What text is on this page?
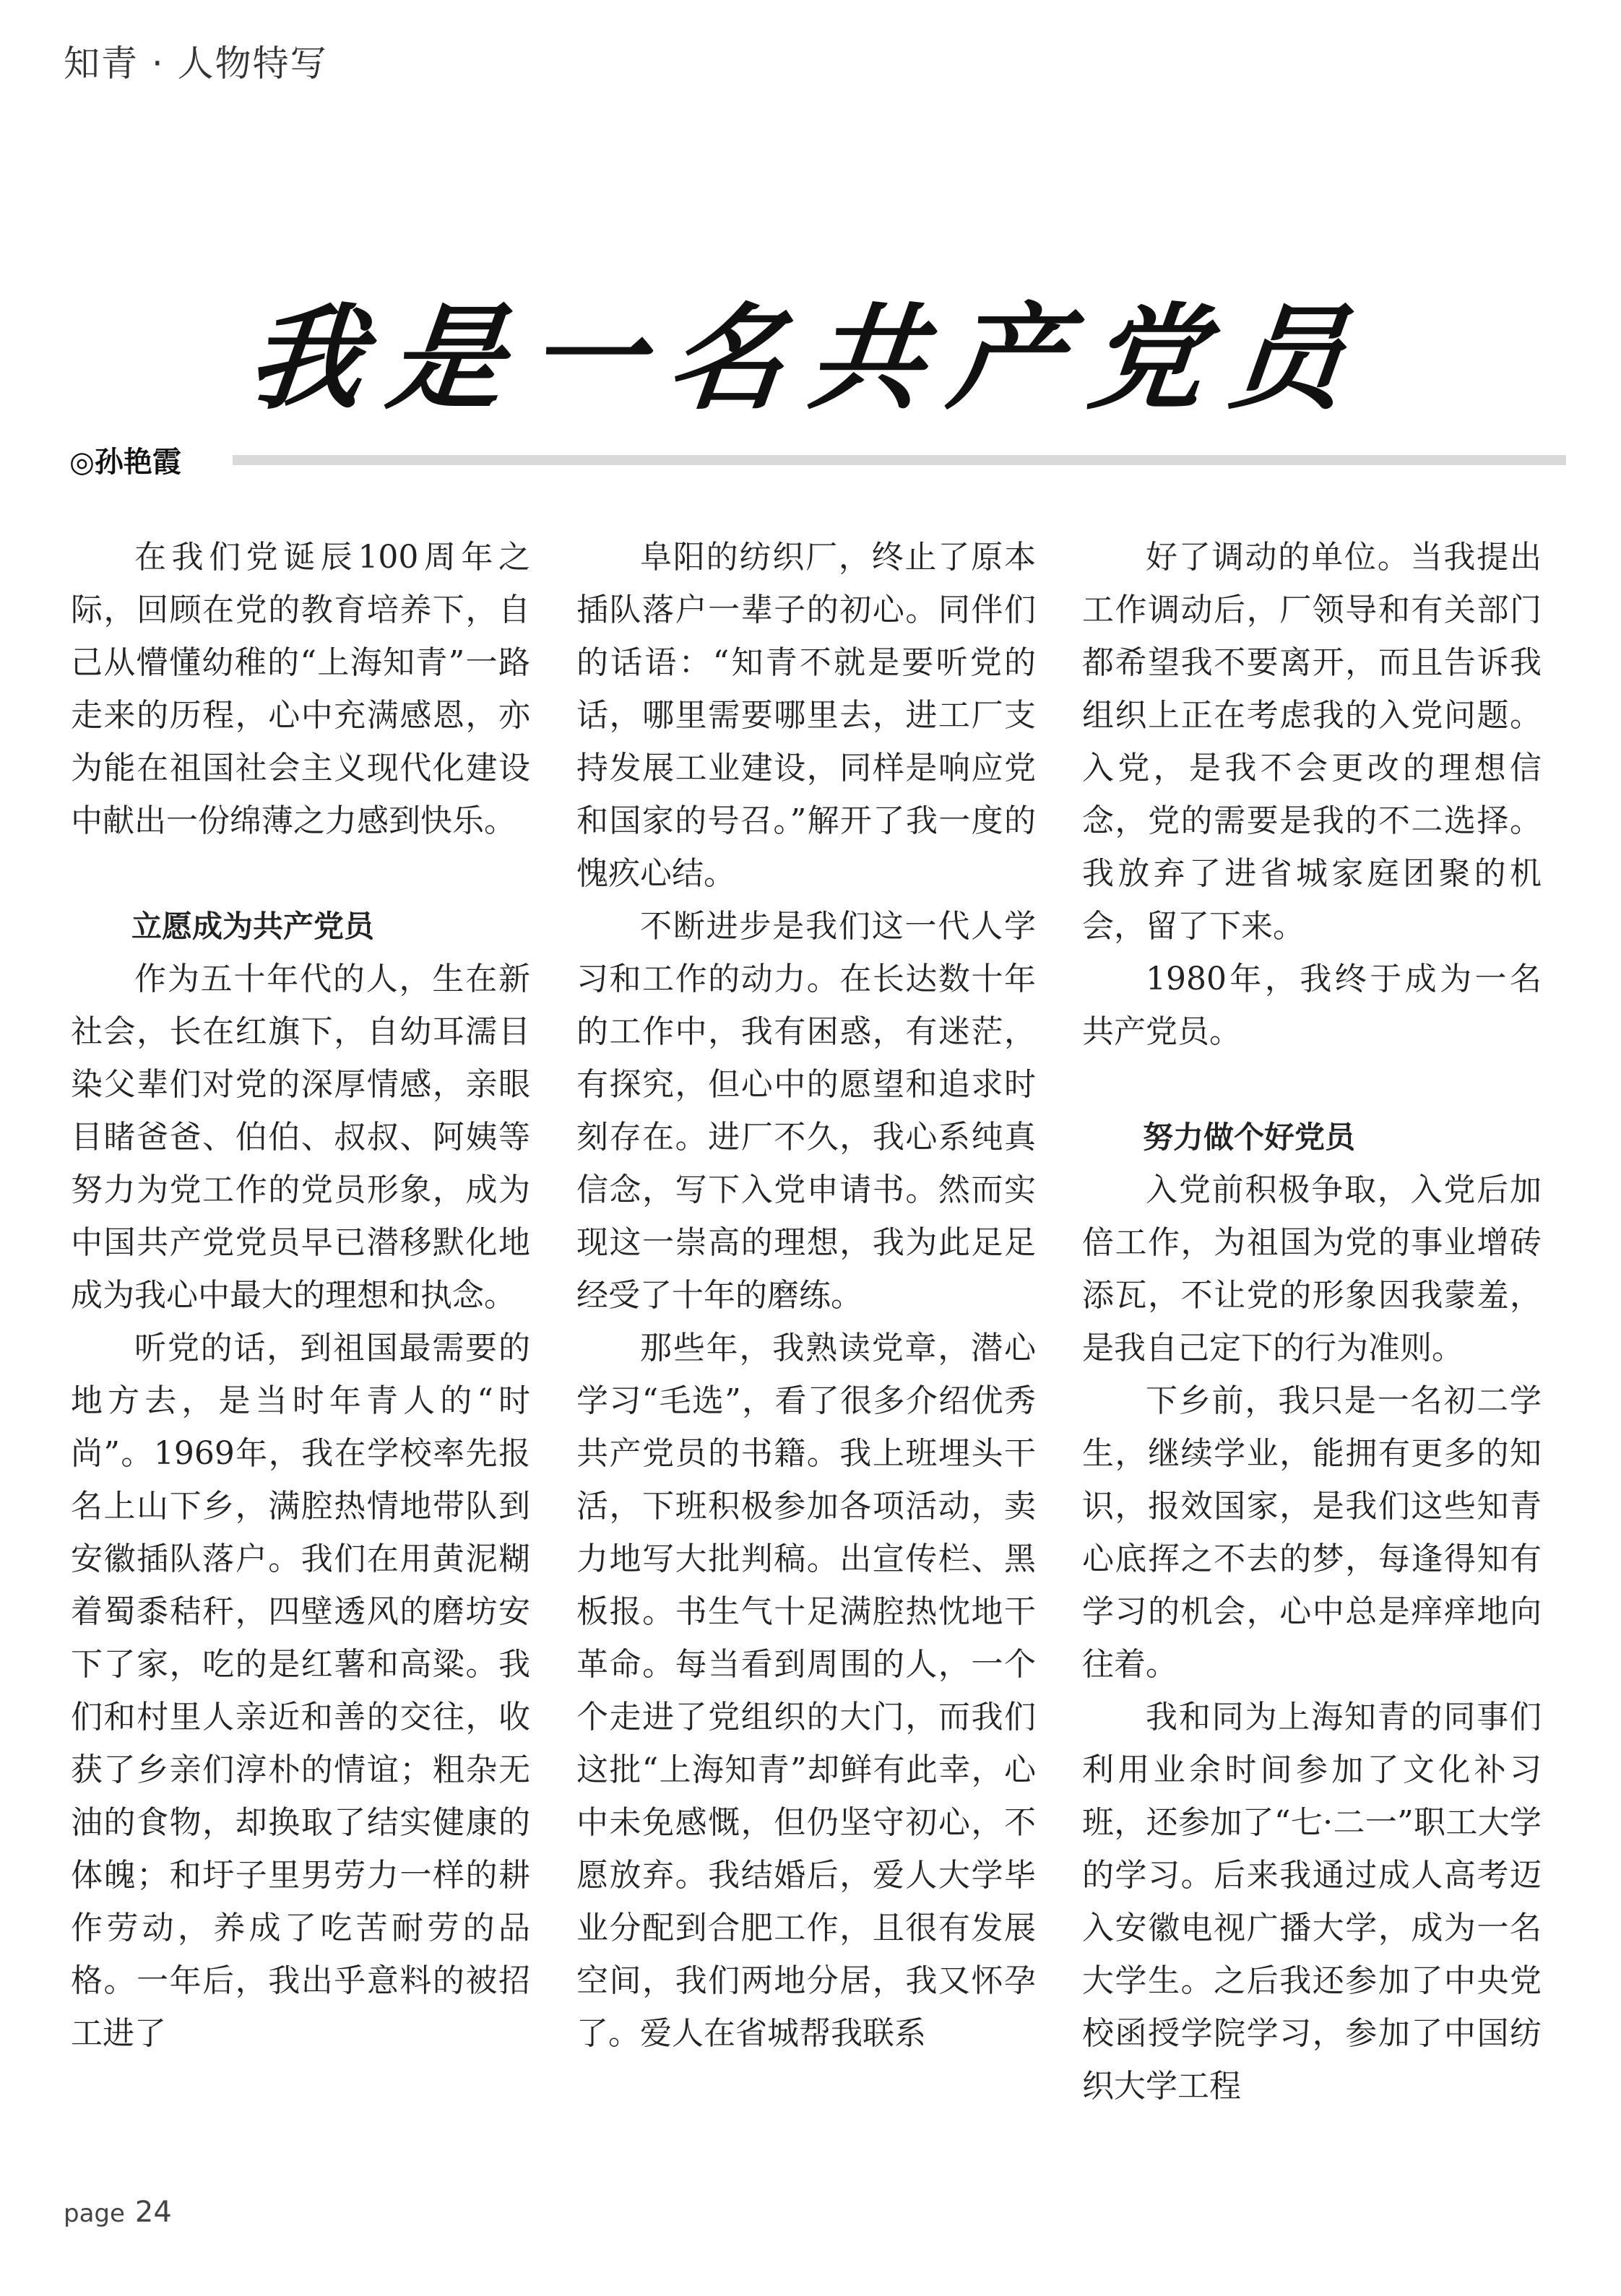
知青 · 人物特写
我是一名共产党员
◎孙艳霞

在我们党诞辰100周年之际，回顾在党的教育培养下，自己从懵懂幼稚的“上海知青”一路走来的历程，心中充满感恩，亦为能在祖国社会主义现代化建设中献出一份绵薄之力感到快乐。

立愿成为共产党员

作为五十年代的人，生在新社会，长在红旗下，自幼耳濡目染父辈们对党的深厚情感，亲眼目睹爸爸、伯伯、叔叔、阿姨等努力为党工作的党员形象，成为中国共产党党员早已潜移默化地成为我心中最大的理想和执念。

听党的话，到祖国最需要的地方去，是当时年青人的“时尚”。1969年，我在学校率先报名上山下乡，满腔热情地带队到安徽插队落户。我们在用黄泥糊着蜀黍秸秆，四壁透风的磨坊安下了家，吃的是红薯和高粱。我们和村里人亲近和善的交往，收获了乡亲们淳朴的情谊；粗杂无油的食物，却换取了结实健康的体魄；和圩子里男劳力一样的耕作劳动，养成了吃苦耐劳的品格。一年后，我出乎意料的被招工进了

阜阳的纺织厂，终止了原本插队落户一辈子的初心。同伴们的话语：“知青不就是要听党的话，哪里需要哪里去，进工厂支持发展工业建设，同样是响应党和国家的号召。”解开了我一度的愧疚心结。

不断进步是我们这一代人学习和工作的动力。在长达数十年的工作中，我有困惑，有迷茫，有探究，但心中的愿望和追求时刻存在。进厂不久，我心系纯真信念，写下入党申请书。然而实现这一崇高的理想，我为此足足经受了十年的磨练。

那些年，我熟读党章，潜心学习“毛选”，看了很多介绍优秀共产党员的书籍。我上班埋头干活，下班积极参加各项活动，卖力地写大批判稿。出宣传栏、黑板报。书生气十足满腔热忱地干革命。每当看到周围的人，一个个走进了党组织的大门，而我们这批“上海知青”却鲜有此幸，心中未免感慨，但仍坚守初心，不愿放弃。我结婚后，爱人大学毕业分配到合肥工作，且很有发展空间，我们两地分居，我又怀孕了。爱人在省城帮我联系

好了调动的单位。当我提出工作调动后，厂领导和有关部门都希望我不要离开，而且告诉我组织上正在考虑我的入党问题。入党，是我不会更改的理想信念，党的需要是我的不二选择。我放弃了进省城家庭团聚的机会，留了下来。

1980年，我终于成为一名共产党员。

努力做个好党员

入党前积极争取，入党后加倍工作，为祖国为党的事业增砖添瓦，不让党的形象因我蒙羞，是我自己定下的行为准则。

下乡前，我只是一名初二学生，继续学业，能拥有更多的知识，报效国家，是我们这些知青心底挥之不去的梦，每逢得知有学习的机会，心中总是痒痒地向往着。

我和同为上海知青的同事们利用业余时间参加了文化补习班，还参加了“七·二一”职工大学的学习。后来我通过成人高考迈入安徽电视广播大学，成为一名大学生。之后我还参加了中央党校函授学院学习，参加了中国纺织大学工程

page 24
